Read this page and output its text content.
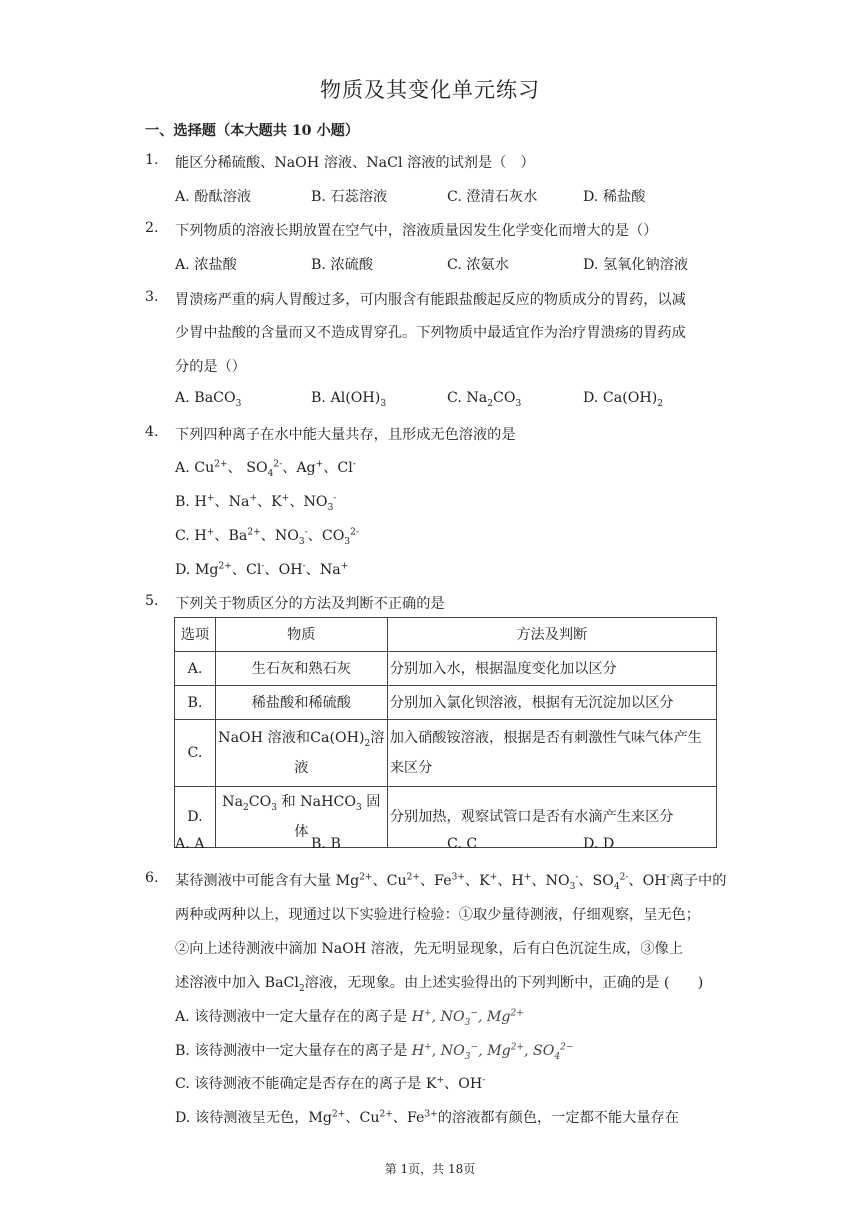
物质及其变化单元练习
一、选择题（本大题共 10 小题）
1. 能区分稀硫酸、NaOH 溶液、NaCl 溶液的试剂是（　）
A. 酚酞溶液	B. 石蕊溶液	C. 澄清石灰水	D. 稀盐酸
2. 下列物质的溶液长期放置在空气中，溶液质量因发生化学变化而增大的是（）
A. 浓盐酸	B. 浓硫酸	C. 浓氨水	D. 氢氧化钠溶液
3. 胃溃疡严重的病人胃酸过多，可内服含有能跟盐酸起反应的物质成分的胃药，以减
少胃中盐酸的含量而又不造成胃穿孔。下列物质中最适宜作为治疗胃溃疡的胃药成
分的是（）
A. BaCO$_3$	B. $Al(OH)_3$	C. $Na_2CO_3$	D. $Ca(OH)_2$
4. 下列四种离子在水中能大量共存，且形成无色溶液的是
A. $Cu^{2+}$、 $SO_4^{2-}$、Ag+、Cl-
B. H+、Na+、K+、$NO_3^-$
C. H+、$Ba^{2+}$、$NO_3^-$、$CO_3^{2-}$
D. $Mg^{2+}$、Cl-、OH-、Na+
5. 下列关于物质区分的方法及判断不正确的是
选项	物质	方法及判断
A.	生石灰和熟石灰	分别加入水，根据温度变化加以区分
B.	稀盐酸和稀硫酸	分别加入氯化钡溶液，根据有无沉淀加以区分
C.	NaOH 溶液和$Ca(OH)_2$溶
液	加入硝酸铵溶液，根据是否有刺激性气味气体产生
来区分
D.	$Na_2CO_3$ 和 NaHCO$_3$ 固体	分别加热，观察试管口是否有水滴产生来区分
A. A	B. B	C. C	D. D
6. 某待测液中可能含有大量 $Mg^{2+}$、$Cu^{2+}$、$Fe^{3+}$、K+、H+、$NO_3^-$、$SO_4^{2-}$、OH-离子中的
两种或两种以上，现通过以下实验进行检验：①取少量待测液，仔细观察，呈无色；
②向上述待测液中滴加 NaOH 溶液，先无明显现象，后有白色沉淀生成，③像上
述溶液中加入 BaCl$_2$溶液，无现象。由上述实验得出的下列判断中，正确的是 (　　)
A. 该待测液中一定大量存在的离子是 H+, $NO_3^-$, $Mg^{2+}$
B. 该待测液中一定大量存在的离子是 H+, $NO_3^-$, $Mg^{2+}$, $SO_4^{2-}$
C. 该待测液不能确定是否存在的离子是 K+、OH-
D. 该待测液呈无色，$Mg^{2+}$、$Cu^{2+}$、$Fe^{3+}$的溶液都有颜色，一定都不能大量存在
第 1页，共 18页
